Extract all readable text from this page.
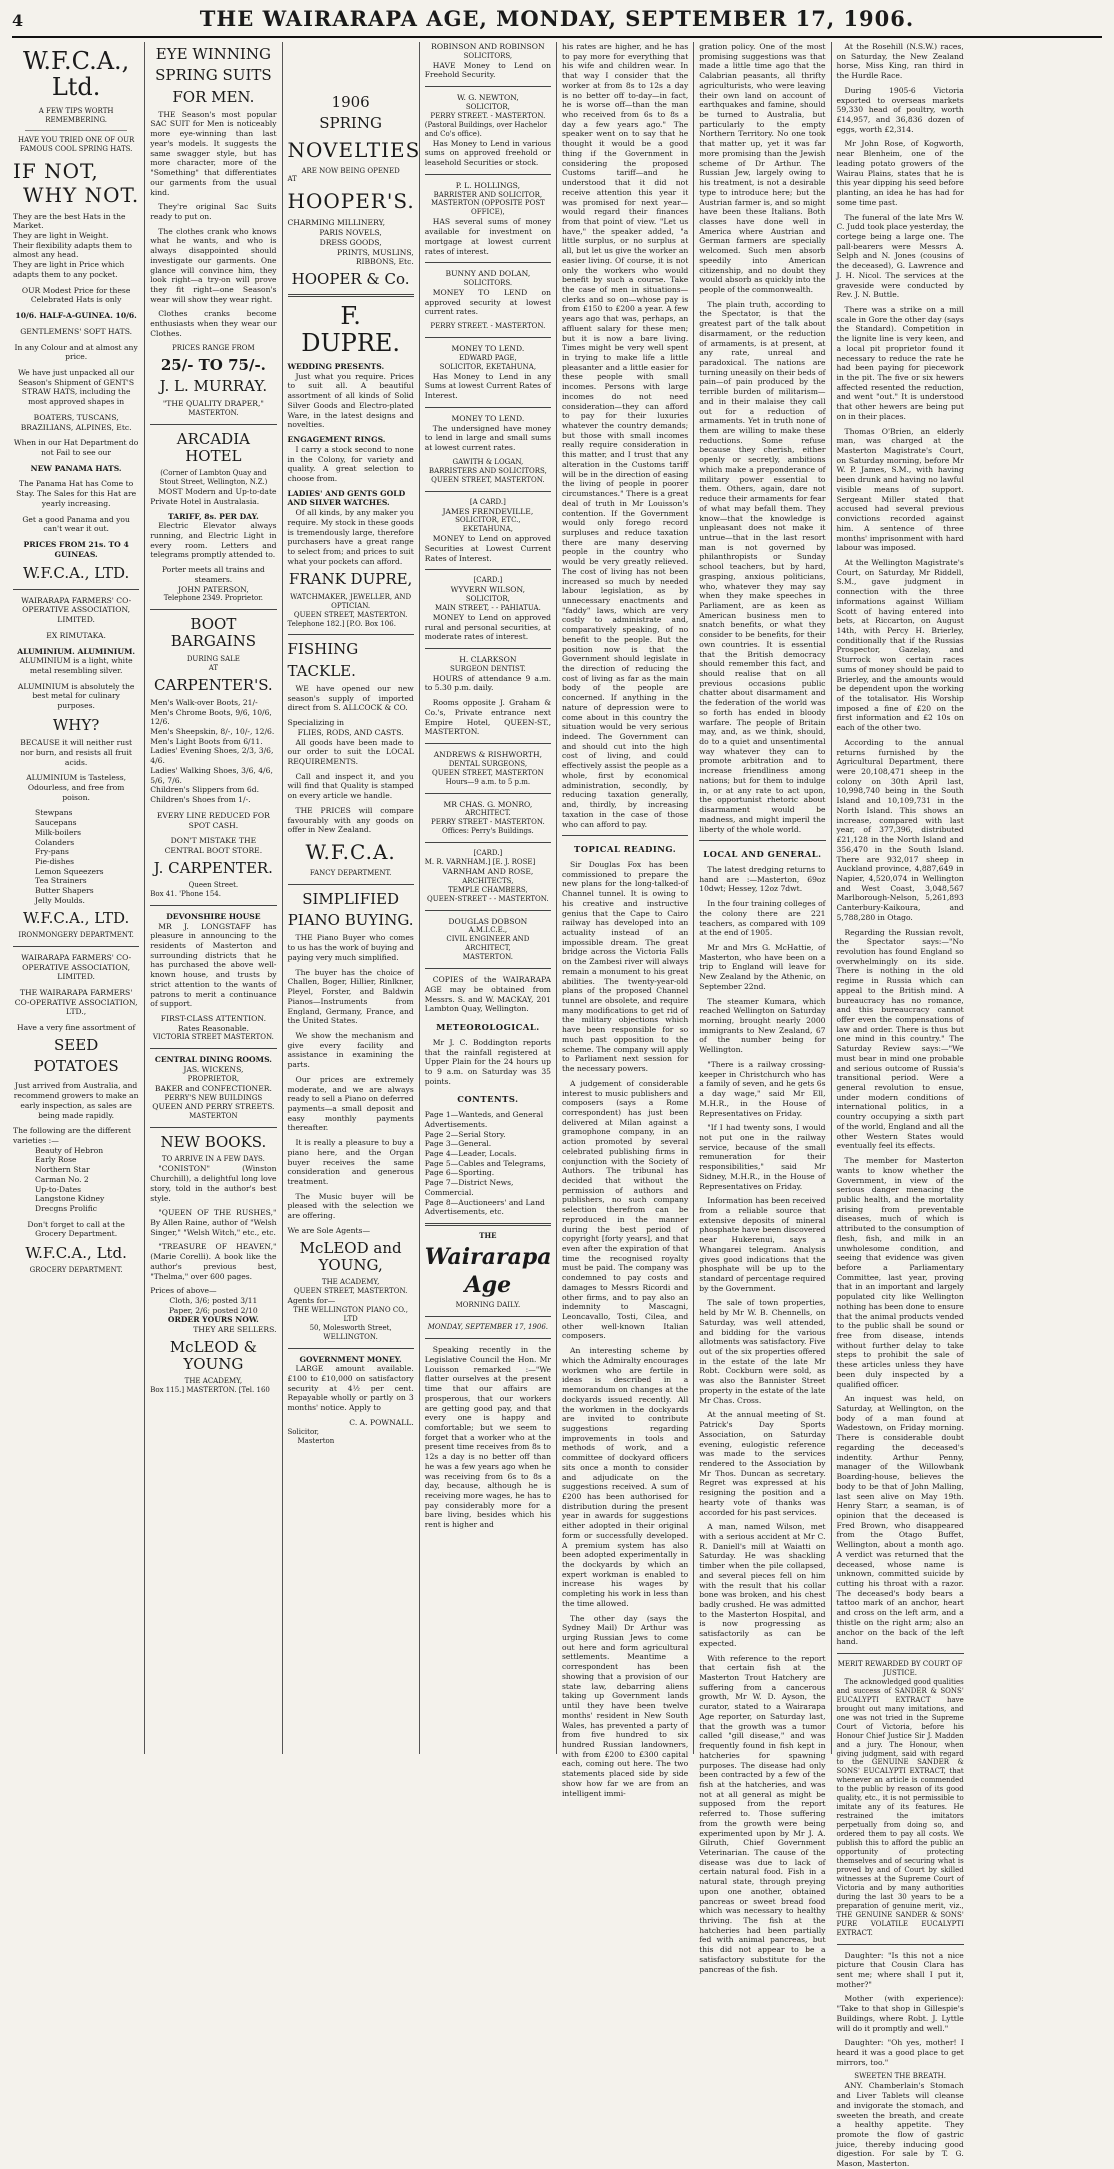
4	THE WAIRARAPA AGE, MONDAY, SEPTEMBER 17, 1906.
W.F.C.A., Ltd.
A FEW TIPS WORTH REMEMBERING.
HAVE YOU TRIED ONE OF OUR FAMOUS COOL SPRING HATS.
IF NOT,
WHY NOT.
They are the best Hats in the Market.
They are light in Weight.
Their flexibility adapts them to almost any head.
They are light in Price which adapts them to any pocket.
OUR Modest Price for these Celebrated Hats is only
10/6. HALF-A-GUINEA. 10/6.
GENTLEMENS' SOFT HATS.
In any Colour and at almost any price.
We have just unpacked all our Season's Shipment of GENT'S STRAW HATS, including the most approved shapes in
BOATERS, TUSCANS, BRAZILIANS, ALPINES, Etc.
When in our Hat Department do not Fail to see our
NEW PANAMA HATS.
The Panama Hat has Come to Stay. The Sales for this Hat are yearly increasing.
Get a good Panama and you can't wear it out.
PRICES FROM 21s. TO 4 GUINEAS.
W.F.C.A., LTD.
WAIRARAPA FARMERS' CO-OPERATIVE ASSOCIATION, LIMITED.
EX RIMUTAKA.
ALUMINIUM. ALUMINIUM.
ALUMINIUM is a light, white metal resembling silver.
ALUMINIUM is absolutely the best metal for culinary purposes.
WHY?
BECAUSE it will neither rust nor burn, and resists all fruit acids.
ALUMINIUM is Tasteless, Odourless, and free from poison.
Stewpans
Saucepans
Milk-boilers
Colanders
Fry-pans
Pie-dishes
Lemon Squeezers
Tea Strainers
Butter Shapers
Jelly Moulds.
W.F.C.A., LTD.
IRONMONGERY DEPARTMENT.
WAIRARAPA FARMERS' CO-OPERATIVE ASSOCIATION, LIMITED.
THE WAIRARAPA FARMERS' CO-OPERATIVE ASSOCIATION, LTD.,
Have a very fine assortment of
SEED
POTATOES
Just arrived from Australia, and recommend growers to make an early inspection, as sales are being made rapidly.
The following are the different varieties :—
Beauty of Hebron
Early Rose
Northern Star
Carman No. 2
Up-to-Dates
Langstone Kidney
Drecgns Prolific
Don't forget to call at the Grocery Department.
W.F.C.A., Ltd.
GROCERY DEPARTMENT.
EYE WINNING
SPRING SUITS
FOR MEN.

THE Season's most popular SAC SUIT for Men is noticeably more eye-winning than last year's models. It suggests the same swagger style, but has more character, more of the "Something" that differentiates our garments from the usual kind.

They're original Sac Suits ready to put on.

The clothes crank who knows what he wants, and who is always disappointed should investigate our garments. One glance will convince him, they look right—a try-on will prove they fit right—one Season's wear will show they wear right.

Clothes cranks become enthusiasts when they wear our Clothes.

PRICES RANGE FROM
25/- TO 75/-.
J. L. MURRAY.
"THE QUALITY DRAPER,"
MASTERTON.
ARCADIA HOTEL
(Corner of Lambton Quay and Stout Street, Wellington, N.Z.)

MOST Modern and Up-to-date Private Hotel in Australasia.

TARIFF, 8s. PER DAY.

Electric Elevator always running, and Electric Light in every room. Letters and telegrams promptly attended to.

Porter meets all trains and steamers.
JOHN PATERSON,
Telephone 2349. Proprietor.
BOOT BARGAINS
DURING SALE
AT
CARPENTER'S.
Men's Walk-over Boots, 21/-
Men's Chrome Boots, 9/6, 10/6, 12/6.
Men's Sheepskin, 8/-, 10/-, 12/6.
Men's Light Boots from 6/11.
Ladies' Evening Shoes, 2/3, 3/6, 4/6.
Ladies' Walking Shoes, 3/6, 4/6, 5/6, 7/6.
Children's Slippers from 6d.
Children's Shoes from 1/-.
EVERY LINE REDUCED FOR SPOT CASH.
DON'T MISTAKE THE CENTRAL BOOT STORE.
J. CARPENTER.
Queen Street.
Box 41. 'Phone 154.
DEVONSHIRE HOUSE

MR J. LONGSTAFF has pleasure in announcing to the residents of Masterton and surrounding districts that he has purchased the above well-known house, and trusts by strict attention to the wants of patrons to merit a continuance of support.

FIRST-CLASS ATTENTION.
Rates Reasonable.
VICTORIA STREET MASTERTON.
CENTRAL DINING ROOMS.
JAS. WICKENS,
PROPRIETOR,
BAKER and CONFECTIONER.
PERRY'S NEW BUILDINGS
QUEEN AND PERRY STREETS.
MASTERTON
NEW BOOKS.
TO ARRIVE IN A FEW DAYS.

"CONISTON" (Winston Churchill), a delightful long love story, told in the author's best style.

"QUEEN OF THE RUSHES," By Allen Raine, author of "Welsh Singer," "Welsh Witch," etc., etc.

"TREASURE OF HEAVEN," (Marie Corelli). A book like the author's previous best, "Thelma," over 600 pages.

Prices of above—
Cloth, 3/6; posted 3/11
Paper, 2/6; posted 2/10
ORDER YOURS NOW.
THEY ARE SELLERS.
McLEOD & YOUNG
THE ACADEMY,
Box 115.] MASTERTON. [Tel. 160
1906
SPRING
NOVELTIES
ARE NOW BEING OPENED
AT
HOOPER'S.
CHARMING MILLINERY,
PARIS NOVELS,
DRESS GOODS,
PRINTS, MUSLINS,
RIBBONS, Etc.
HOOPER & Co.
F. DUPRE.
WEDDING PRESENTS.

Just what you require. Prices to suit all. A beautiful assortment of all kinds of Solid Silver Goods and Electro-plated Ware, in the latest designs and novelties.

ENGAGEMENT RINGS.

I carry a stock second to none in the Colony, for variety and quality. A great selection to choose from.

LADIES' AND GENTS GOLD AND SILVER WATCHES.

Of all kinds, by any maker you require. My stock in these goods is tremendously large, therefore purchasers have a great range to select from; and prices to suit what your pockets can afford.

FRANK DUPRE,
WATCHMAKER, JEWELLER, AND OPTICIAN.
QUEEN STREET, MASTERTON.
Telephone 182.] [P.O. Box 106.
FISHING
TACKLE.

WE have opened our new season's supply of imported direct from S. ALLCOCK & CO.

Specializing in
FLIES, RODS, AND CASTS.

All goods have been made to our order to suit the LOCAL REQUIREMENTS.

Call and inspect it, and you will find that Quality is stamped on every article we handle.

THE PRICES will compare favourably with any goods on offer in New Zealand.

W.F.C.A.
FANCY DEPARTMENT.
SIMPLIFIED
PIANO BUYING.

THE Piano Buyer who comes to us has the work of buying and paying very much simplified.

The buyer has the choice of Challen, Boger, Hillier, Rinlkner, Pleyel, Forster, and Baldwin Pianos—Instruments from England, Germany, France, and the United States.

We show the mechanism and give every facility and assistance in examining the parts.

Our prices are extremely moderate, and we are always ready to sell a Piano on deferred payments—a small deposit and easy monthly payments thereafter.

It is really a pleasure to buy a piano here, and the Organ buyer receives the same consideration and generous treatment.

The Music buyer will be pleased with the selection we are offering.

We are Sole Agents—
McLEOD and YOUNG,
THE ACADEMY,
QUEEN STREET, MASTERTON.
Agents for—
THE WELLINGTON PIANO CO., LTD
50, Molesworth Street,
WELLINGTON.
GOVERNMENT MONEY.

LARGE amount available. £100 to £10,000 on satisfactory security at 4½ per cent. Repayable wholly or partly on 3 months' notice. Apply to

C. A. POWNALL.
Solicitor,
Masterton
ROBINSON AND ROBINSON
SOLICITORS,

HAVE Money to Lend on Freehold Security.

W. G. NEWTON,
SOLICITOR,
PERRY STREET. - MASTERTON.
(Pastoral Buildings, over Hachelor and Co's office).

Has Money to Lend in various sums on approved freehold or leasehold Securities or stock.

P. L. HOLLINGS,
BARRISTER AND SOLICITOR,
MASTERTON (OPPOSITE POST OFFICE),

HAS several sums of money available for investment on mortgage at lowest current rates of interest.

BUNNY AND DOLAN,
SOLICITORS.

MONEY TO LEND on approved security at lowest current rates.

PERRY STREET. - MASTERTON.
MONEY TO LEND.
EDWARD PAGE,
SOLICITOR, EKETAHUNA,

Has Money to Lend in any Sums at lowest Current Rates of Interest.

MONEY TO LEND.

The undersigned have money to lend in large and small sums at lowest current rates.

GAWITH & LOGAN,
BARRISTERS AND SOLICITORS,
QUEEN STREET, MASTERTON.
[A CARD.]
JAMES FRENDEVILLE,
SOLICITOR, ETC.,
EKETAHUNA,

MONEY to Lend on approved Securities at Lowest Current Rates of Interest.

[CARD.]
WYVERN WILSON,
SOLICITOR,
MAIN STREET, - - PAHIATUA.

MONEY to Lend on approved rural and personal securities, at moderate rates of interest.

H. CLARKSON
SURGEON DENTIST.

HOURS of attendance 9 a.m. to 5.30 p.m. daily.

Rooms opposite J. Graham & Co.'s, Private entrance next Empire Hotel, QUEEN-ST., MASTERTON.

ANDREWS & RISHWORTH,
DENTAL SURGEONS,
QUEEN STREET, MASTERTON
Hours—9 a.m. to 5 p.m.
MR CHAS. G. MONRO,
ARCHITECT.
PERRY STREET - MASTERTON.
Offices: Perry's Buildings.
[CARD.]
M. R. VARNHAM.] [E. J. ROSE]
VARNHAM AND ROSE,
ARCHITECTS,
TEMPLE CHAMBERS,
QUEEN-STREET - - MASTERTON.
DOUGLAS DOBSON
A.M.I.C.E.,
CIVIL ENGINEER AND ARCHITECT,
MASTERTON.

COPIES of the WAIRARAPA AGE may be obtained from Messrs. S. and W. MACKAY, 201 Lambton Quay, Wellington.

METEOROLOGICAL.

Mr J. C. Boddington reports that the rainfall registered at Upper Plain for the 24 hours up to 9 a.m. on Saturday was 35 points.

CONTENTS.
Page 1—Wanteds, and General Advertisements.
Page 2—Serial Story.
Page 3—General.
Page 4—Leader, Locals.
Page 5—Cables and Telegrams,
Page 6—Sporting.
Page 7—District News, Commercial.
Page 8—Auctioneers' and Land Advertisements, etc.
THE
Wairarapa Age
MORNING DAILY.
MONDAY, SEPTEMBER 17, 1906.

Speaking recently in the Legislative Council the Hon. Mr Louisson remarked :—"We flatter ourselves at the present time that our affairs are prosperous, that our workers are getting good pay, and that every one is happy and comfortable; but we seem to forget that a worker who at the present time receives from 8s to 12s a day is no better off than he was a few years ago when he was receiving from 6s to 8s a day, because, although he is receiving more wages, he has to pay considerably more for a bare living, besides which his rent is higher and

his rates are higher, and he has to pay more for everything that his wife and children wear. In that way I consider that the worker at from 8s to 12s a day is no better off to-day—in fact, he is worse off—than the man who received from 6s to 8s a day a few years ago." The speaker went on to say that he thought it would be a good thing if the Government in considering the proposed Customs tariff—and he understood that it did not receive attention this year it was promised for next year—would regard their finances from that point of view. "Let us have," the speaker added, "a little surplus, or no surplus at all, but let us give the worker an easier living. Of course, it is not only the workers who would benefit by such a course. Take the case of men in situations—clerks and so on—whose pay is from £150 to £200 a year. A few years ago that was, perhaps, an affluent salary for these men; but it is now a bare living. Times might be very well spent in trying to make life a little pleasanter and a little easier for these people with small incomes. Persons with large incomes do not need consideration—they can afford to pay for their luxuries whatever the country demands; but those with small incomes really require consideration in this matter, and I trust that any alteration in the Customs tariff will be in the direction of easing the living of people in poorer circumstances." There is a great deal of truth in Mr Louisson's contention. If the Government would only forego record surpluses and reduce taxation there are many deserving people in the country who would be very greatly relieved. The cost of living has not been increased so much by needed labour legislation, as by unnecessary enactments and "faddy" laws, which are very costly to administrate and, comparatively speaking, of no benefit to the people. But the position now is that the Government should legislate in the direction of reducing the cost of living as far as the main body of the people are concerned. If anything in the nature of depression were to come about in this country the situation would be very serious indeed. The Government can and should cut into the high cost of living, and could effectively assist the people as a whole, first by economical administration, secondly, by reducing taxation generally, and, thirdly, by increasing taxation in the case of those who can afford to pay.

TOPICAL READING.

Sir Douglas Fox has been commissioned to prepare the new plans for the long-talked-of Channel tunnel. It is owing to his creative and instructive genius that the Cape to Cairo railway has developed into an actuality instead of an impossible dream. The great bridge across the Victoria Falls on the Zambesi river will always remain a monument to his great abilities. The twenty-year-old plans of the proposed Channel tunnel are obsolete, and require many modifications to get rid of the military objections which have been responsible for so much past opposition to the scheme. The company will apply to Parliament next session for the necessary powers.

A judgement of considerable interest to music publishers and composers (says a Rome correspondent) has just been delivered at Milan against a gramophone company, in an action promoted by several celebrated publishing firms in conjunction with the Society of Authors. The tribunal has decided that without the permission of authors and publishers, no such company selection therefrom can be reproduced in the manner during the best period of copyright [forty years], and that even after the expiration of that time the recognised royalty must be paid. The company was condemned to pay costs and damages to Messrs Ricordi and other firms, and to pay also an indemnity to Mascagni, Leoncavallo, Tosti, Cilea, and other well-known Italian composers.

An interesting scheme by which the Admiralty encourages workmen who are fertile in ideas is described in a memorandum on changes at the dockyards issued recently. All the workmen in the dockyards are invited to contribute suggestions regarding improvements in tools and methods of work, and a committee of dockyard officers sits once a month to consider and adjudicate on the suggestions received. A sum of £200 has been authorised for distribution during the present year in awards for suggestions either adopted in their original form or successfully developed. A premium system has also been adopted experimentally in the dockyards by which an expert workman is enabled to increase his wages by completing his work in less than the time allowed.

The other day (says the Sydney Mail) Dr Arthur was urging Russian Jews to come out here and form agricultural settlements. Meantime a correspondent has been showing that a provision of our state law, debarring aliens taking up Government lands until they have been twelve months' resident in New South Wales, has prevented a party of from five hundred to six hundred Russian landowners, with from £200 to £300 capital each, coming out here. The two statements placed side by side show how far we are from an intelligent immi-

gration policy. One of the most promising suggestions was that made a little time ago that the Calabrian peasants, all thrifty agriculturists, who were leaving their own land on account of earthquakes and famine, should be turned to Australia, but particularly to the empty Northern Territory. No one took that matter up, yet it was far more promising than the Jewish scheme of Dr Arthur. The Russian Jew, largely owing to his treatment, is not a desirable type to introduce here; but the Austrian farmer is, and so might have been these Italians. Both classes have done well in America where Austrian and German farmers are specially welcomed. Such men absorb speedily into American citizenship, and no doubt they would absorb as quickly into the people of the commonwealth.

The plain truth, according to the Spectator, is that the greatest part of the talk about disarmament, or the reduction of armaments, is at present, at any rate, unreal and paradoxical. The nations are turning uneasily on their beds of pain—of pain produced by the terrible burden of militarism—and in their malaise they call out for a reduction of armaments. Yet in truth none of them are willing to make these reductions. Some refuse because they cherish, either openly or secretly, ambitions which make a preponderance of military power essential to them. Others, again, dare not reduce their armaments for fear of what may befall them. They know—that the knowledge is unpleasant does not make it untrue—that in the last resort man is not governed by philanthropists or Sunday school teachers, but by hard, grasping, anxious politicians, who, whatever they may say when they make speeches in Parliament, are as keen as American business men to snatch benefits, or what they consider to be benefits, for their own countries. It is essential that the British democracy should remember this fact, and should realise that on all previous occasions public chatter about disarmament and the federation of the world was so forth has ended in bloody warfare. The people of Britain may, and, as we think, should, do to a quiet and unsentimental way whatever they can to promote arbitration and to increase friendliness among nations; but for them to indulge in, or at any rate to act upon, the opportunist rhetoric about disarmament would be madness, and might imperil the liberty of the whole world.

LOCAL AND GENERAL.

The latest dredging returns to hand are :—Masterton, 69oz 10dwt; Hessey, 12oz 7dwt.

In the four training colleges of the colony there are 221 teachers, as compared with 109 at the end of 1905.

Mr and Mrs G. McHattie, of Masterton, who have been on a trip to England will leave for New Zealand by the Athenic, on September 22nd.

The steamer Kumara, which reached Wellington on Saturday morning, brought nearly 2000 immigrants to New Zealand, 67 of the number being for Wellington.

"There is a railway crossing-keeper in Christchurch who has a family of seven, and he gets 6s a day wage," said Mr Ell, M.H.R., in the House of Representatives on Friday.

"If I had twenty sons, I would not put one in the railway service, because of the small remuneration for their responsibilities," said Mr Sidney, M.H.R., in the House of Representatives on Friday.

Information has been received from a reliable source that extensive deposits of mineral phosphate have been discovered near Hukerenui, says a Whangarei telegram. Analysis gives good indications that the phosphate will be up to the standard of percentage required by the Government.

The sale of town properties, held by Mr W. B. Chennells, on Saturday, was well attended, and bidding for the various allotments was satisfactory. Five out of the six properties offered in the estate of the late Mr Robt. Cockburn were sold, as was also the Bannister Street property in the estate of the late Mr Chas. Cross.

At the annual meeting of St. Patrick's Day Sports Association, on Saturday evening, eulogistic reference was made to the services rendered to the Association by Mr Thos. Duncan as secretary. Regret was expressed at his resigning the position and a hearty vote of thanks was accorded for his past services.

A man, named Wilson, met with a serious accident at Mr C. R. Daniell's mill at Waiatti on Saturday. He was shackling timber when the pile collapsed, and several pieces fell on him with the result that his collar bone was broken, and his chest badly crushed. He was admitted to the Masterton Hospital, and is now progressing as satisfactorily as can be expected.

With reference to the report that certain fish at the Masterton Trout Hatchery are suffering from a cancerous growth, Mr W. D. Ayson, the curator, stated to a Wairarapa Age reporter, on Saturday last, that the growth was a tumor called "gill disease," and was frequently found in fish kept in hatcheries for spawning purposes. The disease had only been contracted by a few of the fish at the hatcheries, and was not at all general as might be supposed from the report referred to. Those suffering from the growth were being experimented upon by Mr J. A. Gilruth, Chief Government Veterinarian. The cause of the disease was due to lack of certain natural food. Fish in a natural state, through preying upon one another, obtained pancreas or sweet bread food which was necessary to healthy thriving. The fish at the hatcheries had been partially fed with animal pancreas, but this did not appear to be a satisfactory substitute for the pancreas of the fish.

At the Rosehill (N.S.W.) races, on Saturday, the New Zealand horse, Miss King, ran third in the Hurdle Race.

During 1905-6 Victoria exported to overseas markets 59,330 head of poultry, worth £14,957, and 36,836 dozen of eggs, worth £2,314.

Mr John Rose, of Kogworth, near Blenheim, one of the leading potato growers of the Wairau Plains, states that he is this year dipping his seed before planting, an idea he has had for some time past.

The funeral of the late Mrs W. C. Judd took place yesterday, the cortege being a large one. The pall-bearers were Messrs A. Selph and N. Jones (cousins of the deceased), G. Lawrence and J. H. Nicol. The services at the graveside were conducted by Rev. J. N. Buttle.

There was a strike on a mill scale in Gore the other day (says the Standard). Competition in the lignite line is very keen, and a local pit proprietor found it necessary to reduce the rate he had been paying for piecework in the pit. The five or six hewers affected resented the reduction, and went "out." It is understood that other hewers are being put on in their places.

Thomas O'Brien, an elderly man, was charged at the Masterton Magistrate's Court, on Saturday morning, before Mr W. P. James, S.M., with having been drunk and having no lawful visible means of support. Sergeant Miller stated that accused had several previous convictions recorded against him. A sentence of three months' imprisonment with hard labour was imposed.

At the Wellington Magistrate's Court, on Saturday, Mr Riddell, S.M., gave judgment in connection with the three informations against William Scott of having entered into bets, at Riccarton, on August 14th, with Percy H. Brierley, conditionally that if the Russias Prospector, Gazelay, and Sturrock won certain races sums of money should be paid to Brierley, and the amounts would be dependent upon the working of the totalisator. His Worship imposed a fine of £20 on the first information and £2 10s on each of the other two.

According to the annual returns furnished by the Agricultural Department, there were 20,108,471 sheep in the colony on 30th April last, 10,998,740 being in the South Island and 10,109,731 in the North Island. This shows an increase, compared with last year, of 377,396, distributed £21,128 in the North Island and 356,470 in the South Island. There are 932,017 sheep in Auckland province, 4,887,649 in Napier, 4,520,074 in Wellington and West Coast, 3,048,567 Marlborough-Nelson, 5,261,893 Canterbury-Kaikoura, and 5,788,280 in Otago.

Regarding the Russian revolt, the Spectator says:—"No revolution has found England so overwhelmingly on its side. There is nothing in the old regime in Russia which can appeal to the British mind. A bureaucracy has no romance, and this bureaucracy cannot offer even the compensations of law and order. There is thus but one mind in this country." The Saturday Review says:—"We must bear in mind one probable and serious outcome of Russia's transitional period. Were a general revolution to ensue, under modern conditions of international politics, in a country occupying a sixth part of the world, England and all the other Western States would eventually feel its effects.

The member for Masterton wants to know whether the Government, in view of the serious danger menacing the public health, and the mortality arising from preventable diseases, much of which is attributed to the consumption of flesh, fish, and milk in an unwholesome condition, and seeing that evidence was given before a Parliamentary Committee, last year, proving that in an important and largely populated city like Wellington nothing has been done to ensure that the animal products vended to the public shall be sound or free from disease, intends without further delay to take steps to prohibit the sale of these articles unless they have been duly inspected by a qualified officer.

An inquest was held, on Saturday, at Wellington, on the body of a man found at Wadestown, on Friday morning. There is considerable doubt regarding the deceased's indentity. Arthur Penny, manager of the Willowbank Boarding-house, believes the body to be that of John Malling, last seen alive on May 19th. Henry Starr, a seaman, is of opinion that the deceased is Fred Brown, who disappeared from the Otago Buffet, Wellington, about a month ago. A verdict was returned that the deceased, whose name is unknown, committed suicide by cutting his throat with a razor. The deceased's body bears a tattoo mark of an anchor, heart and cross on the left arm, and a thistle on the right arm; also an anchor on the back of the left hand.

MERIT REWARDED BY COURT OF JUSTICE.

The acknowledged good qualities and success of SANDER & SONS' EUCALYPTI EXTRACT have brought out many imitations, and one was not tried in the Supreme Court of Victoria, before his Honour Chief Justice Sir J. Madden and a jury. The Honour, when giving judgment, said with regard to the GENUINE SANDER & SONS' EUCALYPTI EXTRACT, that whenever an article is commended to the public by reason of its good quality, etc., it is not permissible to imitate any of its features. He restrained the imitators perpetually from doing so, and ordered them to pay all costs. We publish this to afford the public an opportunity of protecting themselves and of securing what is proved by and of Court by skilled witnesses at the Supreme Court of Victoria and by many authorities during the last 30 years to be a preparation of genuine merit, viz., THE GENUINE SANDER & SONS' PURE VOLATILE EUCALYPTI EXTRACT.

Daughter: "Is this not a nice picture that Cousin Clara has sent me; where shall I put it, mother?"

Mother (with experience): "Take to that shop in Gillespie's Buildings, where Robt. J. Lyttle will do it promptly and well."

Daughter: "Oh yes, mother! I heard it was a good place to get mirrors, too."

SWEETEN THE BREATH.

ANY. Chamberlain's Stomach and Liver Tablets will cleanse and invigorate the stomach, and sweeten the breath, and create a healthy appetite. They promote the flow of gastric juice, thereby inducing good digestion. For sale by T. G. Mason, Masterton.
